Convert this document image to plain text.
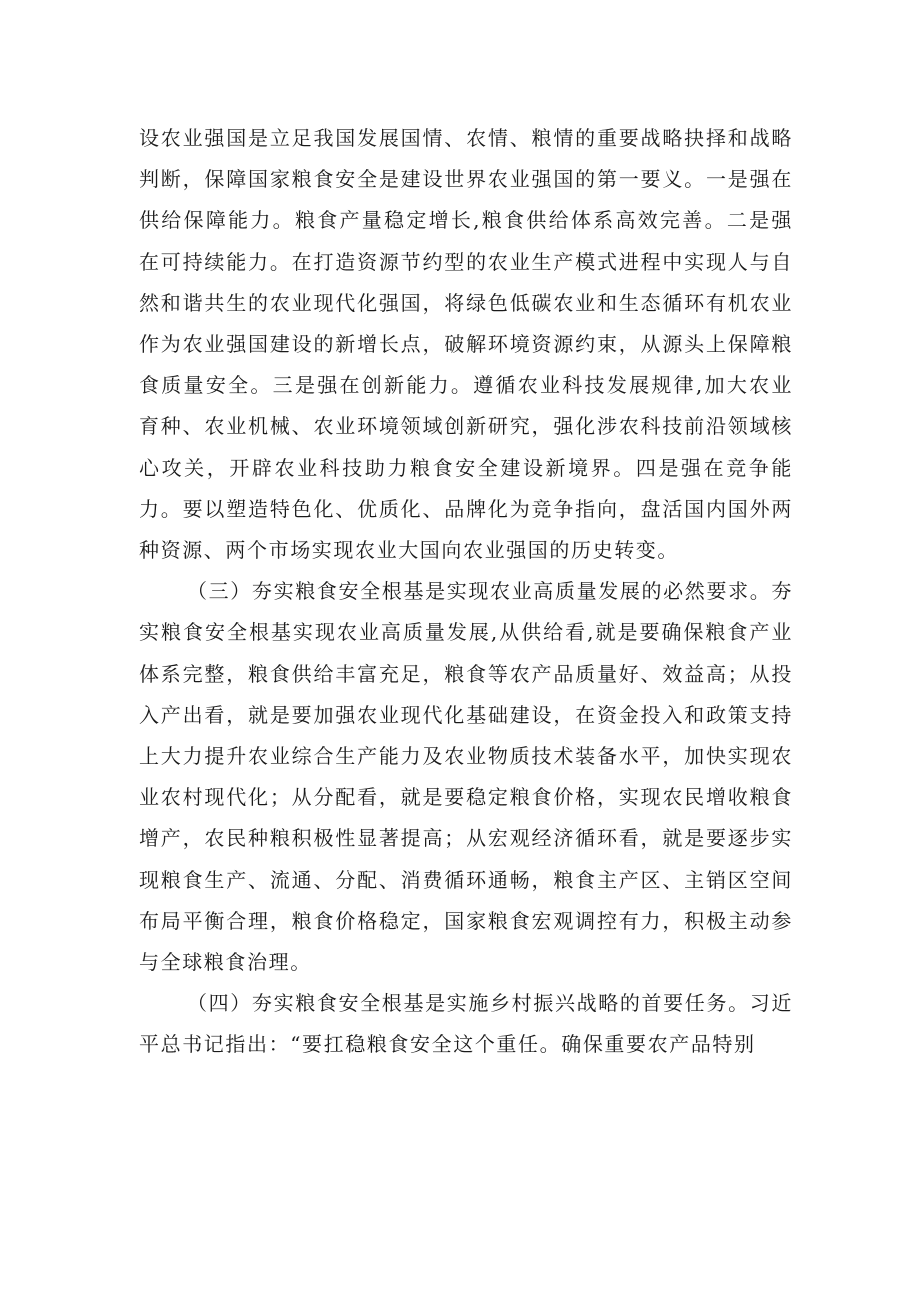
设农业强国是立足我国发展国情、农情、粮情的重要战略抉择和战略判断，保障国家粮食安全是建设世界农业强国的第一要义。一是强在供给保障能力。粮食产量稳定增长,粮食供给体系高效完善。二是强在可持续能力。在打造资源节约型的农业生产模式进程中实现人与自然和谐共生的农业现代化强国，将绿色低碳农业和生态循环有机农业作为农业强国建设的新增长点，破解环境资源约束，从源头上保障粮食质量安全。三是强在创新能力。遵循农业科技发展规律,加大农业育种、农业机械、农业环境领域创新研究，强化涉农科技前沿领域核心攻关，开辟农业科技助力粮食安全建设新境界。四是强在竞争能力。要以塑造特色化、优质化、品牌化为竞争指向，盘活国内国外两种资源、两个市场实现农业大国向农业强国的历史转变。

（三）夯实粮食安全根基是实现农业高质量发展的必然要求。夯实粮食安全根基实现农业高质量发展,从供给看,就是要确保粮食产业体系完整，粮食供给丰富充足，粮食等农产品质量好、效益高；从投入产出看，就是要加强农业现代化基础建设，在资金投入和政策支持上大力提升农业综合生产能力及农业物质技术装备水平，加快实现农业农村现代化；从分配看，就是要稳定粮食价格，实现农民增收粮食增产，农民种粮积极性显著提高；从宏观经济循环看，就是要逐步实现粮食生产、流通、分配、消费循环通畅，粮食主产区、主销区空间布局平衡合理，粮食价格稳定，国家粮食宏观调控有力，积极主动参与全球粮食治理。

（四）夯实粮食安全根基是实施乡村振兴战略的首要任务。习近平总书记指出：“要扛稳粮食安全这个重任。确保重要农产品特别
